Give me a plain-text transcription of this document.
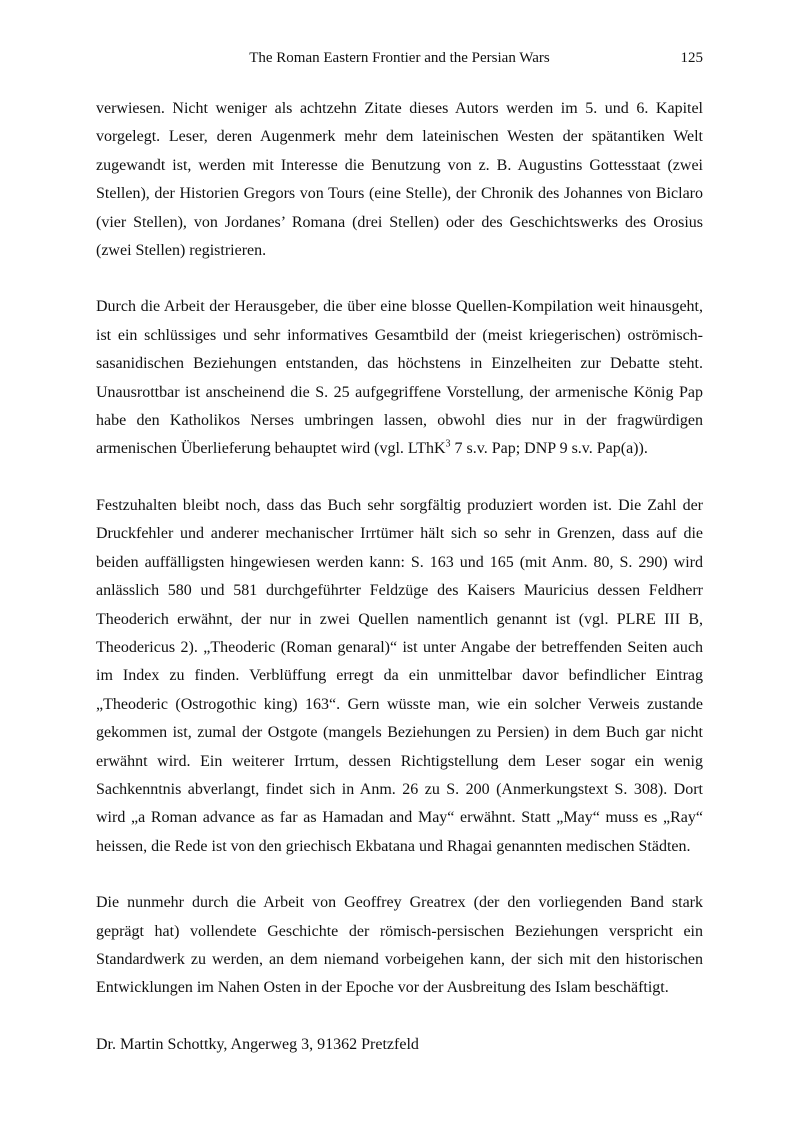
The Roman Eastern Frontier and the Persian Wars	125

verwiesen. Nicht weniger als achtzehn Zitate dieses Autors werden im 5. und 6. Kapitel vorgelegt. Leser, deren Augenmerk mehr dem lateinischen Westen der spätantiken Welt zugewandt ist, werden mit Interesse die Benutzung von z. B. Augustins Gottesstaat (zwei Stellen), der Historien Gregors von Tours (eine Stelle), der Chronik des Johannes von Biclaro (vier Stellen), von Jordanes’ Romana (drei Stellen) oder des Geschichtswerks des Orosius (zwei Stellen) registrieren.

Durch die Arbeit der Herausgeber, die über eine blosse Quellen-Kompilation weit hinausgeht, ist ein schlüssiges und sehr informatives Gesamtbild der (meist kriegerischen) oströmisch-sasanidischen Beziehungen entstanden, das höchstens in Einzelheiten zur Debatte steht. Unausrottbar ist anscheinend die S. 25 aufgegriffene Vorstellung, der armenische König Pap habe den Katholikos Nerses umbringen lassen, obwohl dies nur in der fragwürdigen armenischen Überlieferung behauptet wird (vgl. LThK$^3$ 7 s.v. Pap; DNP 9 s.v. Pap(a)).

Festzuhalten bleibt noch, dass das Buch sehr sorgfältig produziert worden ist. Die Zahl der Druckfehler und anderer mechanischer Irrtümer hält sich so sehr in Grenzen, dass auf die beiden auffälligsten hingewiesen werden kann: S. 163 und 165 (mit Anm. 80, S. 290) wird anlässlich 580 und 581 durchgeführter Feldzüge des Kaisers Mauricius dessen Feldherr Theoderich erwähnt, der nur in zwei Quellen namentlich genannt ist (vgl. PLRE III B, Theodericus 2). „Theoderic (Roman genaral)“ ist unter Angabe der betreffenden Seiten auch im Index zu finden. Verblüffung erregt da ein unmittelbar davor befindlicher Eintrag „Theoderic (Ostrogothic king) 163“. Gern wüsste man, wie ein solcher Verweis zustande gekommen ist, zumal der Ostgote (mangels Beziehungen zu Persien) in dem Buch gar nicht erwähnt wird. Ein weiterer Irrtum, dessen Richtigstellung dem Leser sogar ein wenig Sachkenntnis abverlangt, findet sich in Anm. 26 zu S. 200 (Anmerkungstext S. 308). Dort wird „a Roman advance as far as Hamadan and May“ erwähnt. Statt „May“ muss es „Ray“ heissen, die Rede ist von den griechisch Ekbatana und Rhagai genannten medischen Städten.

Die nunmehr durch die Arbeit von Geoffrey Greatrex (der den vorliegenden Band stark geprägt hat) vollendete Geschichte der römisch-persischen Beziehungen verspricht ein Standardwerk zu werden, an dem niemand vorbeigehen kann, der sich mit den historischen Entwicklungen im Nahen Osten in der Epoche vor der Ausbreitung des Islam beschäftigt.

Dr. Martin Schottky, Angerweg 3, 91362 Pretzfeld
